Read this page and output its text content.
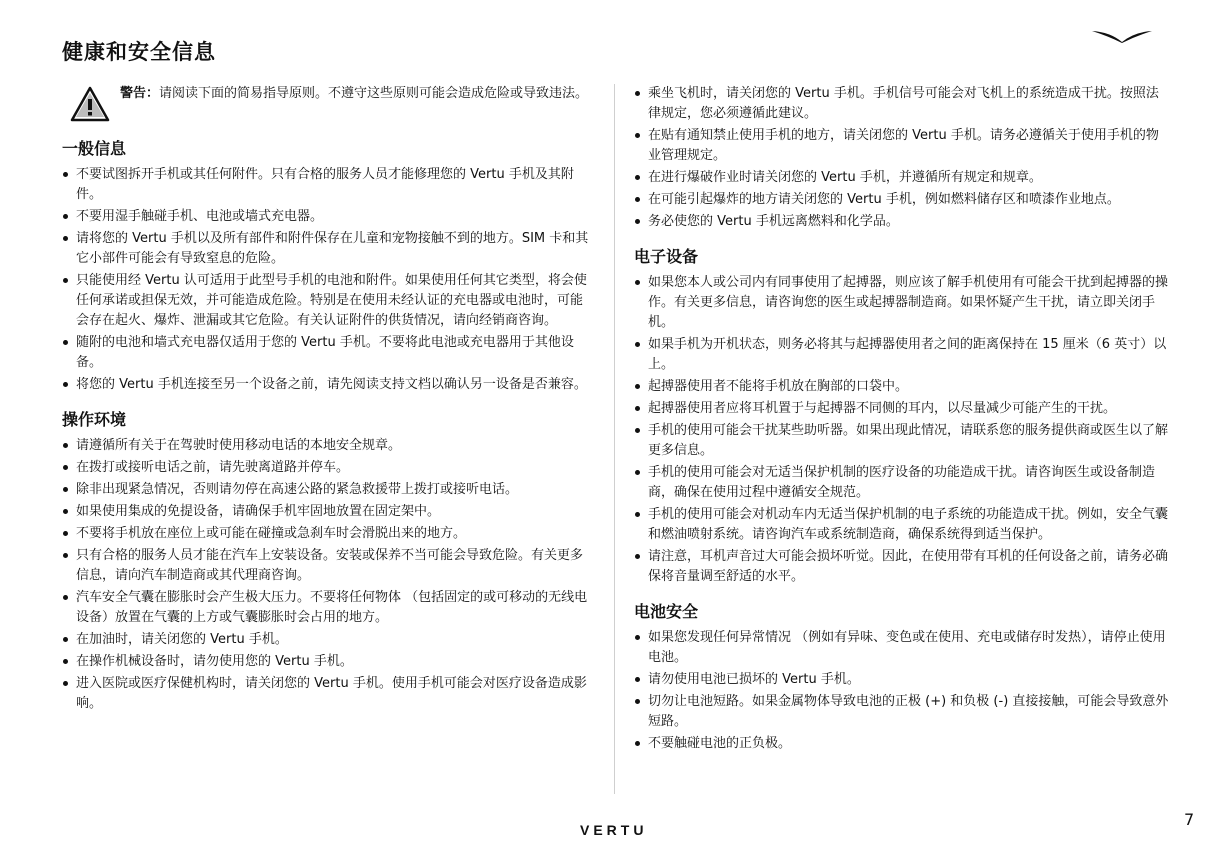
健康和安全信息
警告：请阅读下面的简易指导原则。不遵守这些原则可能会造成危险或导致违法。
一般信息
不要试图拆开手机或其任何附件。只有合格的服务人员才能修理您的 Vertu 手机及其附件。
不要用湿手触碰手机、电池或墙式充电器。
请将您的 Vertu 手机以及所有部件和附件保存在儿童和宠物接触不到的地方。SIM 卡和其它小部件可能会有导致窒息的危险。
只能使用经 Vertu 认可适用于此型号手机的电池和附件。如果使用任何其它类型，将会使任何承诺或担保无效，并可能造成危险。特别是在使用未经认证的充电器或电池时，可能会存在起火、爆炸、泄漏或其它危险。有关认证附件的供货情况，请向经销商咨询。
随附的电池和墙式充电器仅适用于您的 Vertu 手机。不要将此电池或充电器用于其他设备。
将您的 Vertu 手机连接至另一个设备之前，请先阅读支持文档以确认另一设备是否兼容。
操作环境
请遵循所有关于在驾驶时使用移动电话的本地安全规章。
在拨打或接听电话之前，请先驶离道路并停车。
除非出现紧急情况，否则请勿停在高速公路的紧急救援带上拨打或接听电话。
如果使用集成的免提设备，请确保手机牢固地放置在固定架中。
不要将手机放在座位上或可能在碰撞或急刹车时会滑脱出来的地方。
只有合格的服务人员才能在汽车上安装设备。安装或保养不当可能会导致危险。有关更多信息，请向汽车制造商或其代理商咨询。
汽车安全气囊在膨胀时会产生极大压力。不要将任何物体 （包括固定的或可移动的无线电设备）放置在气囊的上方或气囊膨胀时会占用的地方。
在加油时，请关闭您的 Vertu 手机。
在操作机械设备时，请勿使用您的 Vertu 手机。
进入医院或医疗保健机构时，请关闭您的 Vertu 手机。使用手机可能会对医疗设备造成影响。
乘坐飞机时，请关闭您的 Vertu 手机。手机信号可能会对飞机上的系统造成干扰。按照法律规定，您必须遵循此建议。
在贴有通知禁止使用手机的地方，请关闭您的 Vertu 手机。请务必遵循关于使用手机的物业管理规定。
在进行爆破作业时请关闭您的 Vertu 手机，并遵循所有规定和规章。
在可能引起爆炸的地方请关闭您的 Vertu 手机，例如燃料储存区和喷漆作业地点。
务必使您的 Vertu 手机远离燃料和化学品。
电子设备
如果您本人或公司内有同事使用了起搏器，则应该了解手机使用有可能会干扰到起搏器的操作。有关更多信息，请咨询您的医生或起搏器制造商。如果怀疑产生干扰，请立即关闭手机。
如果手机为开机状态，则务必将其与起搏器使用者之间的距离保持在 15 厘米（6 英寸）以上。
起搏器使用者不能将手机放在胸部的口袋中。
起搏器使用者应将耳机置于与起搏器不同侧的耳内，以尽量减少可能产生的干扰。
手机的使用可能会干扰某些助听器。如果出现此情况，请联系您的服务提供商或医生以了解更多信息。
手机的使用可能会对无适当保护机制的医疗设备的功能造成干扰。请咨询医生或设备制造商，确保在使用过程中遵循安全规范。
手机的使用可能会对机动车内无适当保护机制的电子系统的功能造成干扰。例如，安全气囊和燃油喷射系统。请咨询汽车或系统制造商，确保系统得到适当保护。
请注意，耳机声音过大可能会损坏听觉。因此，在使用带有耳机的任何设备之前，请务必确保将音量调至舒适的水平。
电池安全
如果您发现任何异常情况 （例如有异味、变色或在使用、充电或储存时发热），请停止使用电池。
请勿使用电池已损坏的 Vertu 手机。
切勿让电池短路。如果金属物体导致电池的正极 (+) 和负极 (-) 直接接触，可能会导致意外短路。
不要触碰电池的正负极。
VERTU
7
